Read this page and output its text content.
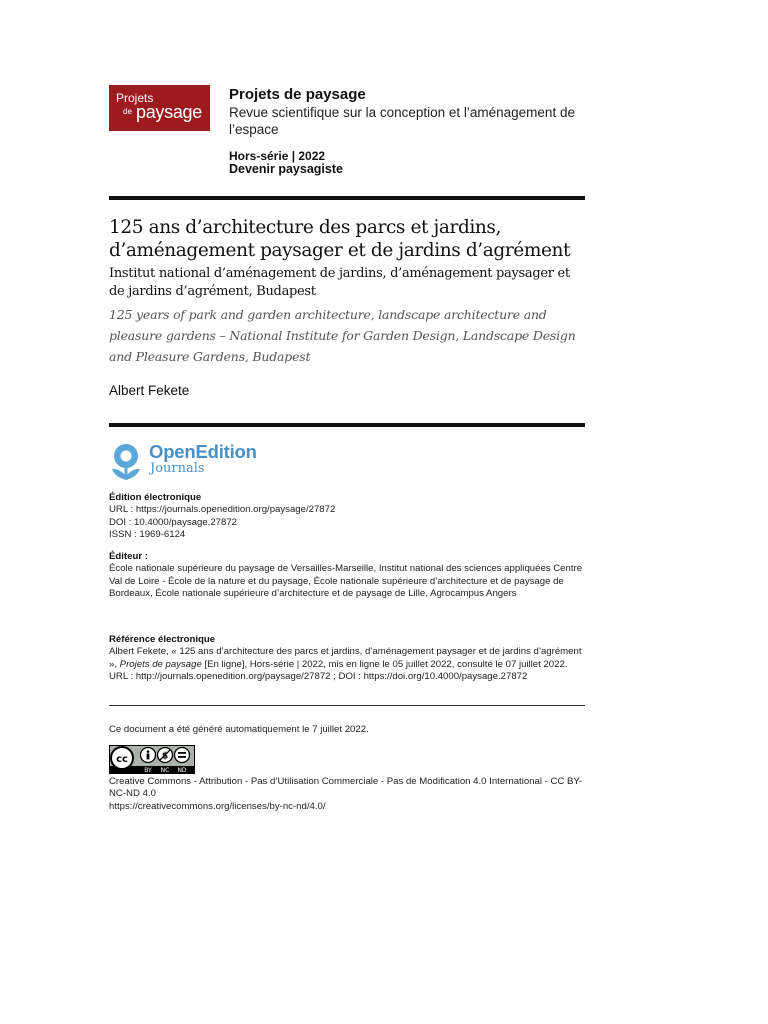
Projets
de paysage
Projets de paysage
Revue scientifique sur la conception et l’aménagement de l’espace
Hors-série | 2022
Devenir paysagiste
125 ans d’architecture des parcs et jardins, d’aménagement paysager et de jardins d’agrément
Institut national d’aménagement de jardins, d’aménagement paysager et de jardins d’agrément, Budapest
125 years of park and garden architecture, landscape architecture and pleasure gardens – National Institute for Garden Design, Landscape Design and Pleasure Gardens, Budapest
Albert Fekete
OpenEdition
Journals
Édition électronique
URL : https://journals.openedition.org/paysage/27872
DOI : 10.4000/paysage.27872
ISSN : 1969-6124
Éditeur :
École nationale supérieure du paysage de Versailles-Marseille, Institut national des sciences appliquées Centre Val de Loire - École de la nature et du paysage, École nationale supérieure d’architecture et de paysage de Bordeaux, École nationale supérieure d’architecture et de paysage de Lille, Agrocampus Angers
Référence électronique
Albert Fekete, « 125 ans d’architecture des parcs et jardins, d’aménagement paysager et de jardins d’agrément », Projets de paysage [En ligne], Hors-série | 2022, mis en ligne le 05 juillet 2022, consulté le 07 juillet 2022. URL : http://journals.openedition.org/paysage/27872 ; DOI : https://doi.org/10.4000/paysage.27872
Ce document a été généré automatiquement le 7 juillet 2022.
cc	$
BY NC ND
Creative Commons - Attribution - Pas d’Utilisation Commerciale - Pas de Modification 4.0 International - CC BY-NC-ND 4.0
https://creativecommons.org/licenses/by-nc-nd/4.0/
